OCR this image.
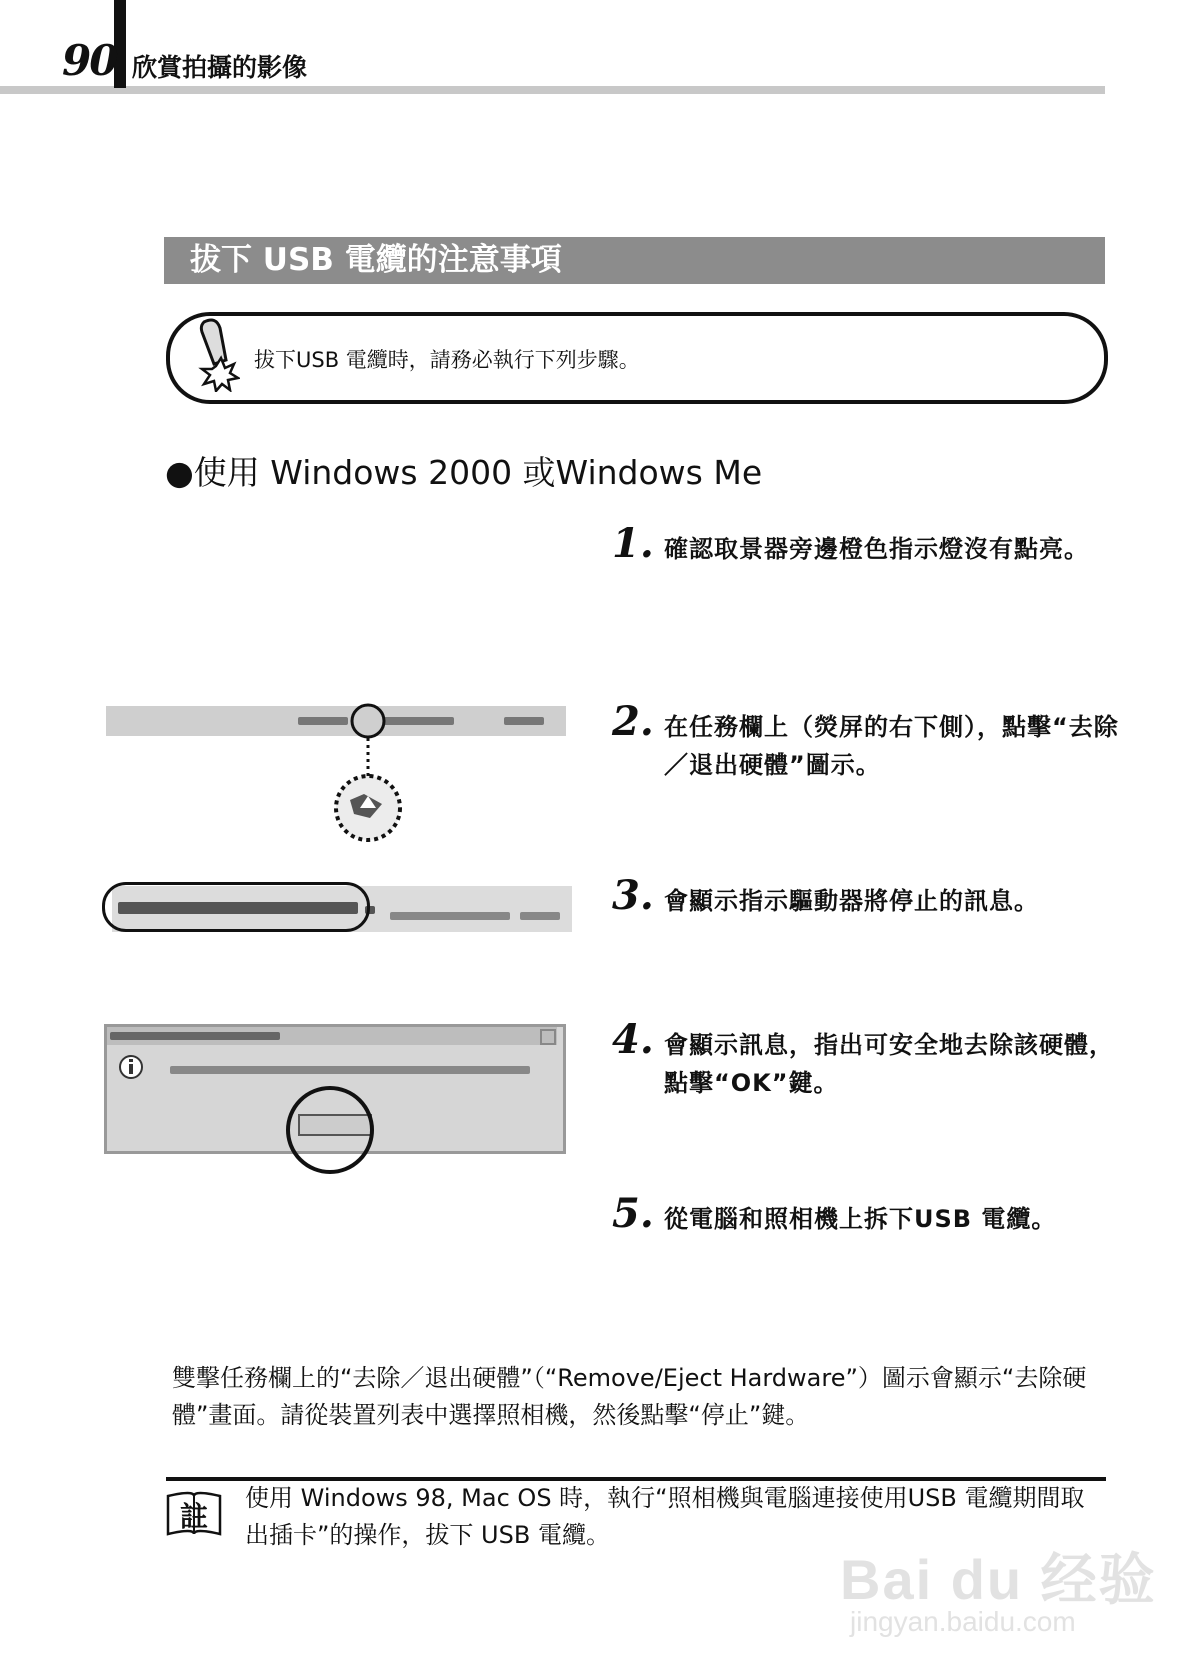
90 欣賞拍攝的影像
拔下 USB 電纜的注意事項
拔下USB 電纜時，請務必執行下列步驟。
●使用 Windows 2000 或Windows Me
1. 確認取景器旁邊橙色指示燈沒有點亮。
2. 在任務欄上（熒屏的右下側），點擊“去除／退出硬體”圖示。
3. 會顯示指示驅動器將停止的訊息。
4. 會顯示訊息，指出可安全地去除該硬體，點擊“OK”鍵。
5. 從電腦和照相機上拆下USB 電纜。
雙擊任務欄上的“去除／退出硬體”（“Remove/Eject Hardware”）圖示會顯示“去除硬體”畫面。請從裝置列表中選擇照相機，然後點擊“停止”鍵。
註
使用 Windows 98, Mac OS 時，執行“照相機與電腦連接使用USB 電纜期間取出插卡”的操作，拔下 USB 電纜。
Bai du 经验
jingyan.baidu.com
